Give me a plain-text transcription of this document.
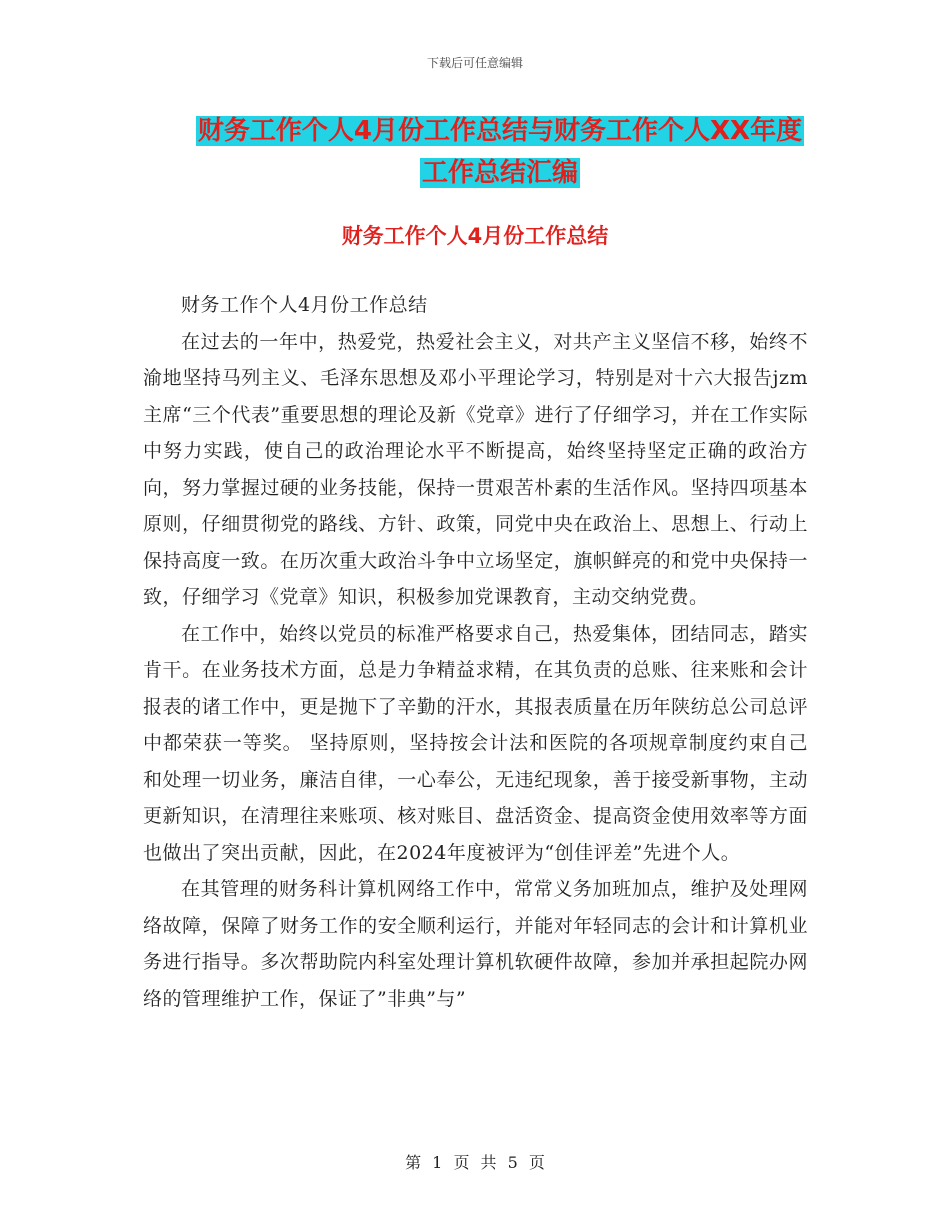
下载后可任意编辑
财务工作个人4月份工作总结与财务工作个人XX年度
工作总结汇编
财务工作个人4月份工作总结

财务工作个人4月份工作总结

在过去的一年中，热爱党，热爱社会主义，对共产主义坚信不移，始终不渝地坚持马列主义、毛泽东思想及邓小平理论学习，特别是对十六大报告jzm主席“三个代表”重要思想的理论及新《党章》进行了仔细学习，并在工作实际中努力实践，使自己的政治理论水平不断提高，始终坚持坚定正确的政治方向，努力掌握过硬的业务技能，保持一贯艰苦朴素的生活作风。坚持四项基本原则，仔细贯彻党的路线、方针、政策，同党中央在政治上、思想上、行动上保持高度一致。在历次重大政治斗争中立场坚定，旗帜鲜亮的和党中央保持一致，仔细学习《党章》知识，积极参加党课教育，主动交纳党费。

在工作中，始终以党员的标准严格要求自己，热爱集体，团结同志，踏实肯干。在业务技术方面，总是力争精益求精，在其负责的总账、往来账和会计报表的诸工作中，更是抛下了辛勤的汗水，其报表质量在历年陕纺总公司总评中都荣获一等奖。 坚持原则，坚持按会计法和医院的各项规章制度约束自己和处理一切业务，廉洁自律，一心奉公，无违纪现象，善于接受新事物，主动更新知识，在清理往来账项、核对账目、盘活资金、提高资金使用效率等方面也做出了突出贡献，因此，在2024年度被评为“创佳评差”先进个人。

在其管理的财务科计算机网络工作中，常常义务加班加点，维护及处理网络故障，保障了财务工作的安全顺利运行，并能对年轻同志的会计和计算机业务进行指导。多次帮助院内科室处理计算机软硬件故障，参加并承担起院办网络的管理维护工作，保证了”非典”与”

第 1 页 共 5 页
